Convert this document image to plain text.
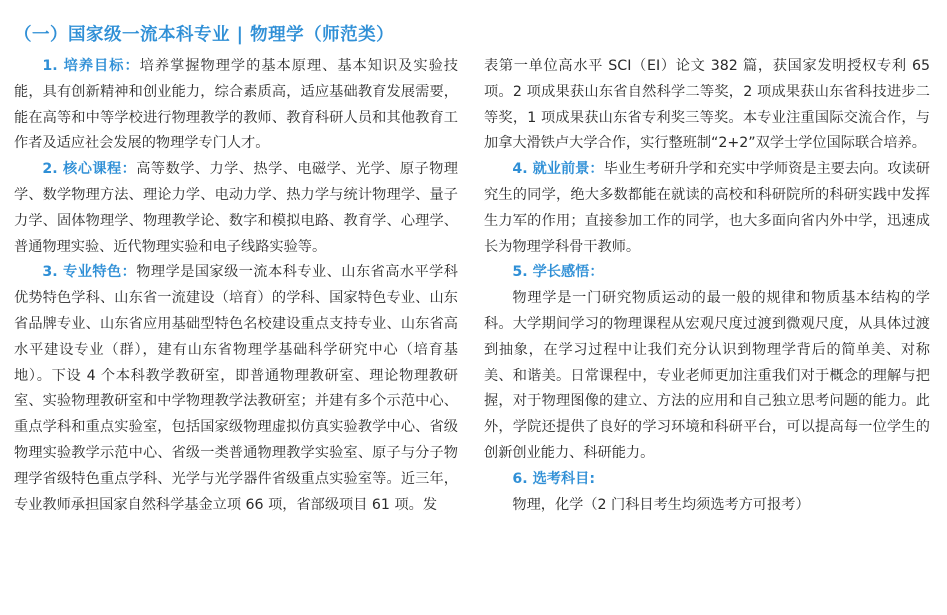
（一）国家级一流本科专业 | 物理学（师范类）

1. 培养目标：培养掌握物理学的基本原理、基本知识及实验技能，具有创新精神和创业能力，综合素质高，适应基础教育发展需要，能在高等和中等学校进行物理教学的教师、教育科研人员和其他教育工作者及适应社会发展的物理学专门人才。

2. 核心课程：高等数学、力学、热学、电磁学、光学、原子物理学、数学物理方法、理论力学、电动力学、热力学与统计物理学、量子力学、固体物理学、物理教学论、数字和模拟电路、教育学、心理学、普通物理实验、近代物理实验和电子线路实验等。

3. 专业特色：物理学是国家级一流本科专业、山东省高水平学科优势特色学科、山东省一流建设（培育）的学科、国家特色专业、山东省品牌专业、山东省应用基础型特色名校建设重点支持专业、山东省高水平建设专业（群），建有山东省物理学基础科学研究中心（培育基地）。下设 4 个本科教学教研室，即普通物理教研室、理论物理教研室、实验物理教研室和中学物理教学法教研室；并建有多个示范中心、重点学科和重点实验室，包括国家级物理虚拟仿真实验教学中心、省级物理实验教学示范中心、省级一类普通物理教学实验室、原子与分子物理学省级特色重点学科、光学与光学器件省级重点实验室等。近三年，专业教师承担国家自然科学基金立项 66 项，省部级项目 61 项。发

表第一单位高水平 SCI（EI）论文 382 篇，获国家发明授权专利 65 项。2 项成果获山东省自然科学二等奖，2 项成果获山东省科技进步二等奖，1 项成果获山东省专利奖三等奖。本专业注重国际交流合作，与加拿大滑铁卢大学合作，实行整班制“2+2”双学士学位国际联合培养。

4. 就业前景：毕业生考研升学和充实中学师资是主要去向。攻读研究生的同学，绝大多数都能在就读的高校和科研院所的科研实践中发挥生力军的作用；直接参加工作的同学，也大多面向省内外中学，迅速成长为物理学科骨干教师。

5. 学长感悟：

物理学是一门研究物质运动的最一般的规律和物质基本结构的学科。大学期间学习的物理课程从宏观尺度过渡到微观尺度，从具体过渡到抽象，在学习过程中让我们充分认识到物理学背后的简单美、对称美、和谐美。日常课程中，专业老师更加注重我们对于概念的理解与把握，对于物理图像的建立、方法的应用和自己独立思考问题的能力。此外，学院还提供了良好的学习环境和科研平台，可以提高每一位学生的创新创业能力、科研能力。

6. 选考科目:

物理，化学（2 门科目考生均须选考方可报考）
